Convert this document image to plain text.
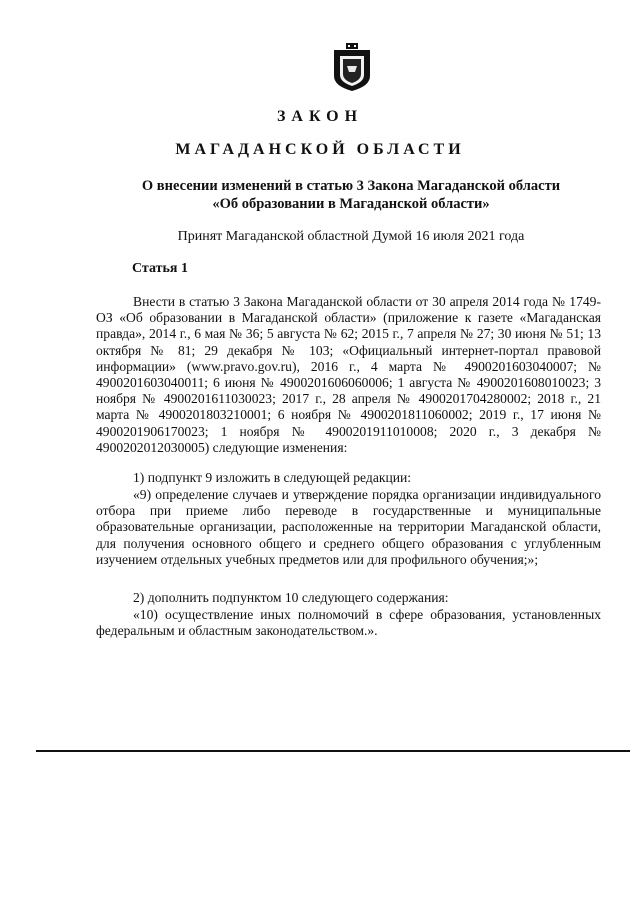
ЗАКОН
МАГАДАНСКОЙ ОБЛАСТИ
О внесении изменений в статью 3 Закона Магаданской области
«Об образовании в Магаданской области»
Принят Магаданской областной Думой 16 июля 2021 года
Статья 1
Внести в статью 3 Закона Магаданской области от 30 апреля 2014 года № 1749-ОЗ «Об образовании в Магаданской области» (приложение к газете «Магаданская правда», 2014 г., 6 мая № 36; 5 августа № 62; 2015 г., 7 апреля № 27; 30 июня № 51; 13 октября № 81; 29 декабря № 103; «Официальный интернет-портал правовой информации» (www.pravo.gov.ru), 2016 г., 4 марта № 4900201603040007; № 4900201603040011; 6 июня № 4900201606060006; 1 августа № 4900201608010023; 3 ноября № 4900201611030023; 2017 г., 28 апреля № 4900201704280002; 2018 г., 21 марта № 4900201803210001; 6 ноября № 4900201811060002; 2019 г., 17 июня № 4900201906170023; 1 ноября № 4900201911010008; 2020 г., 3 декабря № 4900202012030005) следующие изменения:
1) подпункт 9 изложить в следующей редакции:
«9) определение случаев и утверждение порядка организации индивидуального отбора при приеме либо переводе в государственные и муниципальные образовательные организации, расположенные на территории Магаданской области, для получения основного общего и среднего общего образования с углубленным изучением отдельных учебных предметов или для профильного обучения;»;
2) дополнить подпунктом 10 следующего содержания:
«10) осуществление иных полномочий в сфере образования, установленных федеральным и областным законодательством.».
